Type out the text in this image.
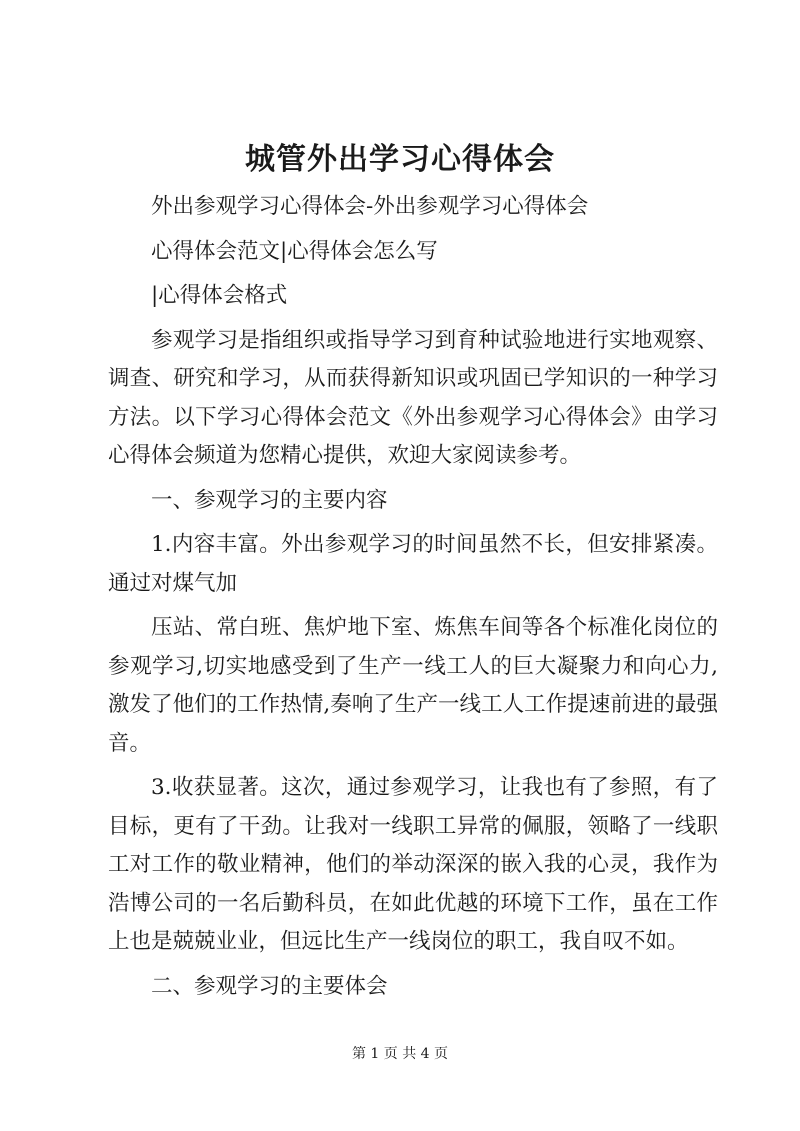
城管外出学习心得体会

外出参观学习心得体会-外出参观学习心得体会

心得体会范文|心得体会怎么写

|心得体会格式

参观学习是指组织或指导学习到育种试验地进行实地观察、调查、研究和学习，从而获得新知识或巩固已学知识的一种学习方法。以下学习心得体会范文《外出参观学习心得体会》由学习心得体会频道为您精心提供，欢迎大家阅读参考。

一、参观学习的主要内容

1.内容丰富。外出参观学习的时间虽然不长，但安排紧凑。通过对煤气加

压站、常白班、焦炉地下室、炼焦车间等各个标准化岗位的参观学习,切实地感受到了生产一线工人的巨大凝聚力和向心力,激发了他们的工作热情,奏响了生产一线工人工作提速前进的最强音。

3.收获显著。这次，通过参观学习，让我也有了参照，有了目标，更有了干劲。让我对一线职工异常的佩服，领略了一线职工对工作的敬业精神，他们的举动深深的嵌入我的心灵，我作为浩博公司的一名后勤科员，在如此优越的环境下工作，虽在工作上也是兢兢业业，但远比生产一线岗位的职工，我自叹不如。

二、参观学习的主要体会

第 1 页 共 4 页
